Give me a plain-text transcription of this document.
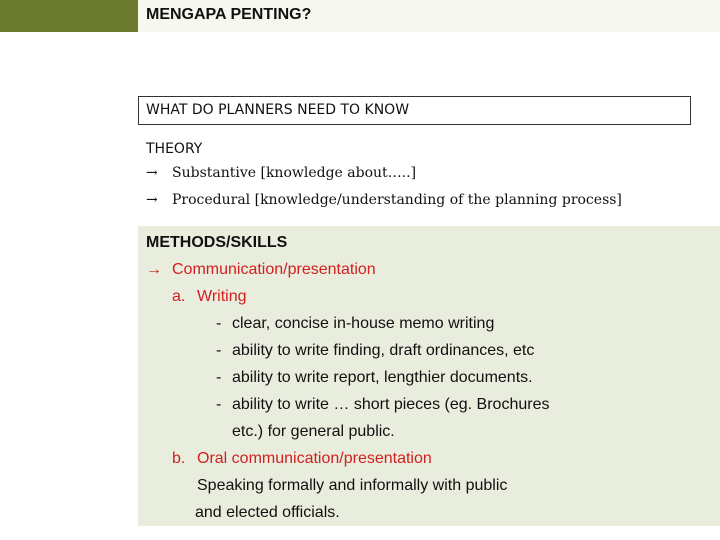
MENGAPA PENTING?
WHAT DO PLANNERS NEED TO KNOW
THEORY
→ Substantive [knowledge about…..]
→ Procedural [knowledge/understanding of the planning process]
METHODS/SKILLS
→ Communication/presentation
a. Writing
- clear, concise in-house memo writing
- ability to write finding, draft ordinances, etc
- ability to write report, lengthier documents.
- ability to write … short pieces (eg. Brochures
etc.) for general public.
b. Oral communication/presentation
Speaking formally and informally with public
and elected officials.
